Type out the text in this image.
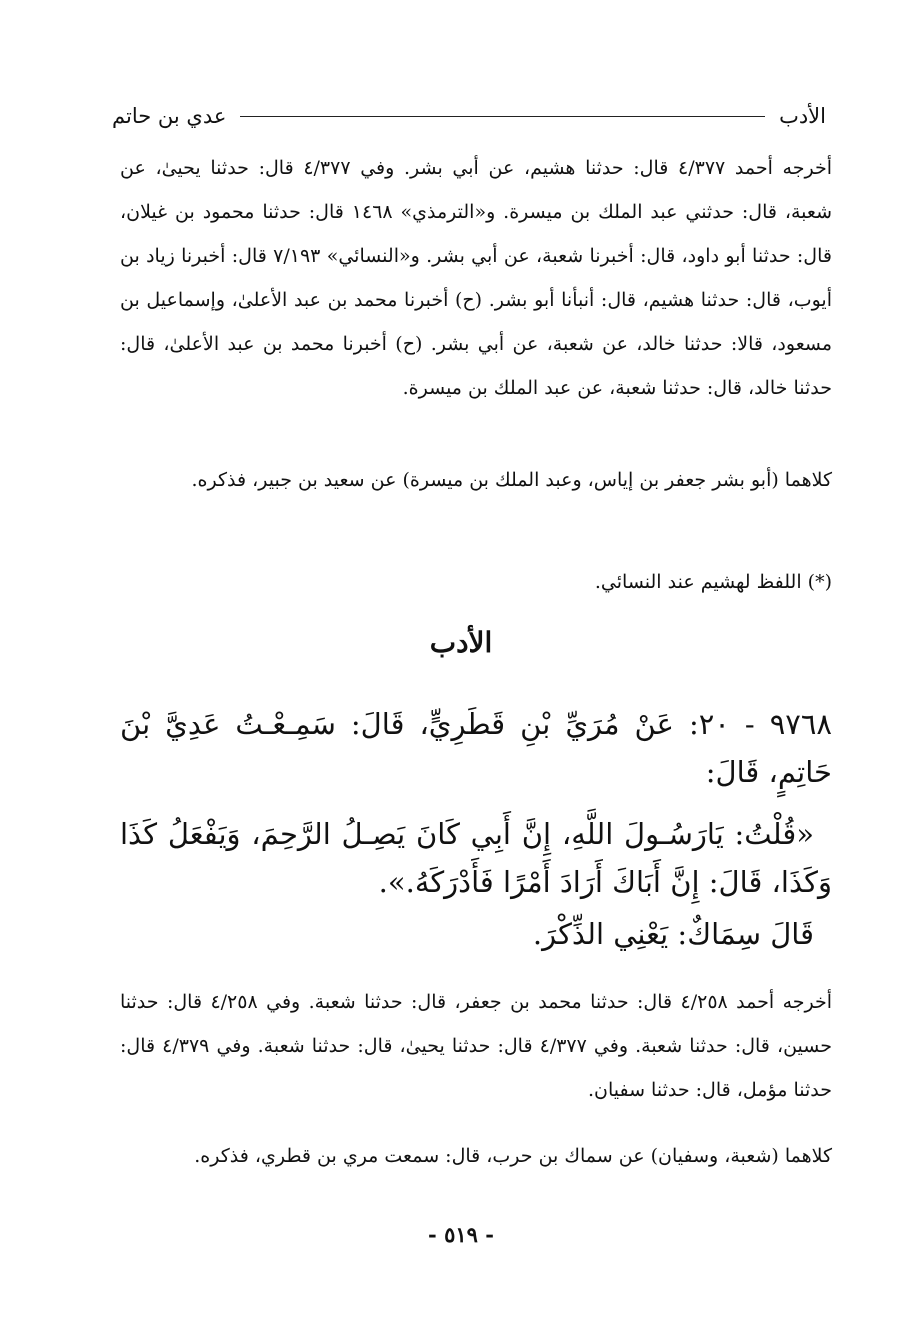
الأدب
عدي بن حاتم

أخرجه أحمد ٤/٣٧٧ قال: حدثنا هشيم، عن أبي بشر. وفي ٤/٣٧٧ قال: حدثنا يحيىٰ، عن شعبة، قال: حدثني عبد الملك بن ميسرة. و«الترمذي» ١٤٦٨ قال: حدثنا محمود بن غيلان، قال: حدثنا أبو داود، قال: أخبرنا شعبة، عن أبي بشر. و«النسائي» ٧/١٩٣ قال: أخبرنا زياد بن أيوب، قال: حدثنا هشيم، قال: أنبأنا أبو بشر. (ح) أخبرنا محمد بن عبد الأعلىٰ، وإسماعيل بن مسعود، قالا: حدثنا خالد، عن شعبة، عن أبي بشر. (ح) أخبرنا محمد بن عبد الأعلىٰ، قال: حدثنا خالد، قال: حدثنا شعبة، عن عبد الملك بن ميسرة.

كلاهما (أبو بشر جعفر بن إياس، وعبد الملك بن ميسرة) عن سعيد بن جبير، فذكره.

(*) اللفظ لهشيم عند النسائي.

الأدب

٩٧٦٨ - ٢٠: عَنْ مُرَيِّ بْنِ قَطَرِيٍّ، قَالَ: سَمِـعْـتُ عَدِيَّ بْنَ حَاتِمٍ، قَالَ:

«قُلْتُ: يَارَسُـولَ اللَّهِ، إِنَّ أَبِي كَانَ يَصِـلُ الرَّحِمَ، وَيَفْعَلُ كَذَا وَكَذَا، قَالَ: إِنَّ أَبَاكَ أَرَادَ أَمْرًا فَأَدْرَكَهُ.».

قَالَ سِمَاكٌ: يَعْنِي الذِّكْرَ.

أخرجه أحمد ٤/٢٥٨ قال: حدثنا محمد بن جعفر، قال: حدثنا شعبة. وفي ٤/٢٥٨ قال: حدثنا حسين، قال: حدثنا شعبة. وفي ٤/٣٧٧ قال: حدثنا يحيىٰ، قال: حدثنا شعبة. وفي ٤/٣٧٩ قال: حدثنا مؤمل، قال: حدثنا سفيان.

كلاهما (شعبة، وسفيان) عن سماك بن حرب، قال: سمعت مري بن قطري، فذكره.

- ٥١٩ -
